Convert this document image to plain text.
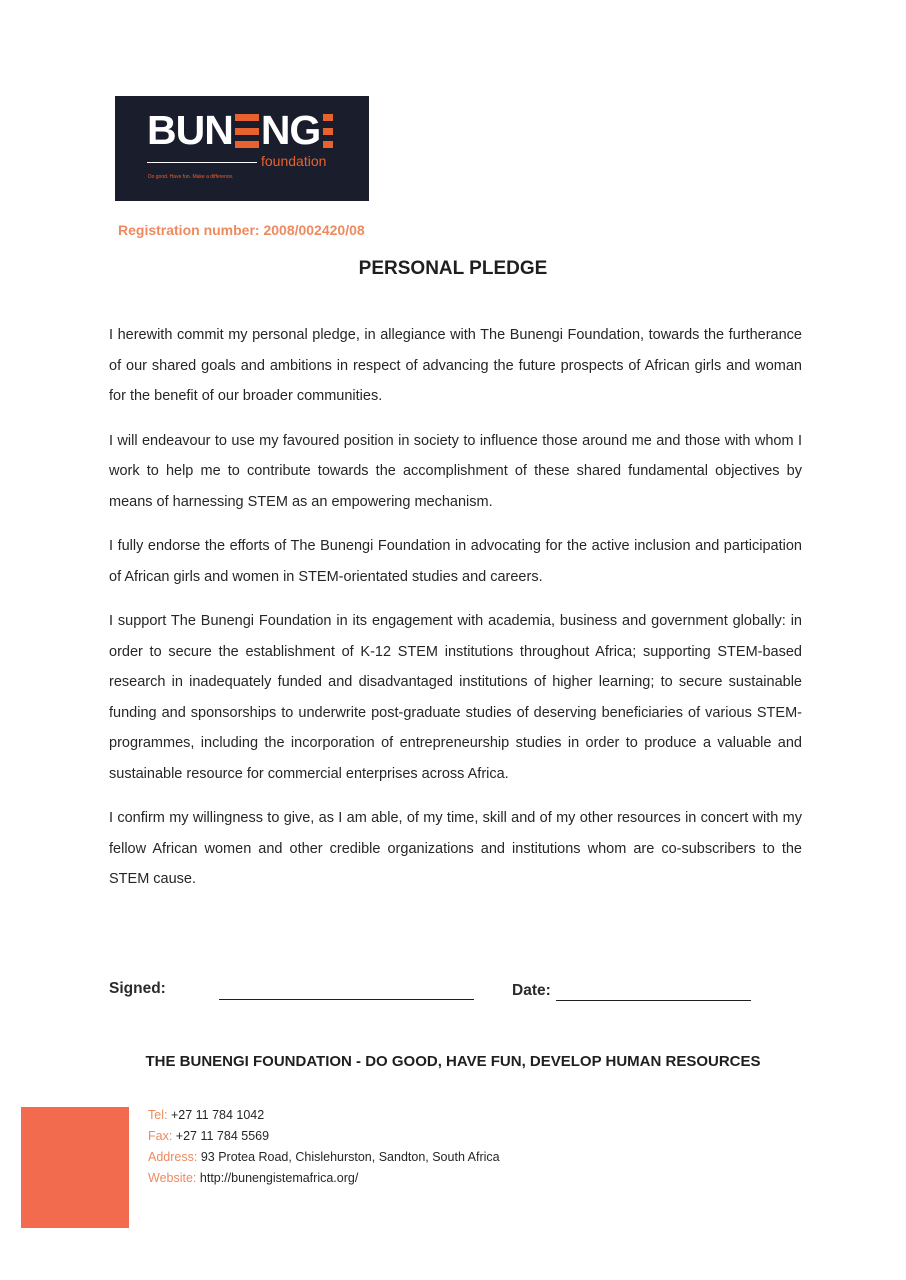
BUN NG
foundation
Do good. Have fun. Make a difference.
Registration number: 2008/002420/08
PERSONAL PLEDGE

I herewith commit my personal pledge, in allegiance with The Bunengi Foundation, towards the furtherance of our shared goals and ambitions in respect of advancing the future prospects of African girls and woman for the benefit of our broader communities.

I will endeavour to use my favoured position in society to influence those around me and those with whom I work to help me to contribute towards the accomplishment of these shared fundamental objectives by means of harnessing STEM as an empowering mechanism.

I fully endorse the efforts of The Bunengi Foundation in advocating for the active inclusion and participation of African girls and women in STEM-orientated studies and careers.

I support The Bunengi Foundation in its engagement with academia, business and government globally: in order to secure the establishment of K-12 STEM institutions throughout Africa; supporting STEM-based research in inadequately funded and disadvantaged institutions of higher learning; to secure sustainable funding and sponsorships to underwrite post-graduate studies of deserving beneficiaries of various STEM-programmes, including the incorporation of entrepreneurship studies in order to produce a valuable and sustainable resource for commercial enterprises across Africa.

I confirm my willingness to give, as I am able, of my time, skill and of my other resources in concert with my fellow African women and other credible organizations and institutions whom are co-subscribers to the STEM cause.

Signed:	Date:
THE BUNENGI FOUNDATION - DO GOOD, HAVE FUN, DEVELOP HUMAN RESOURCES
Tel: +27 11 784 1042
Fax: +27 11 784 5569
Address: 93 Protea Road, Chislehurston, Sandton, South Africa
Website: http://bunengistemafrica.org/
